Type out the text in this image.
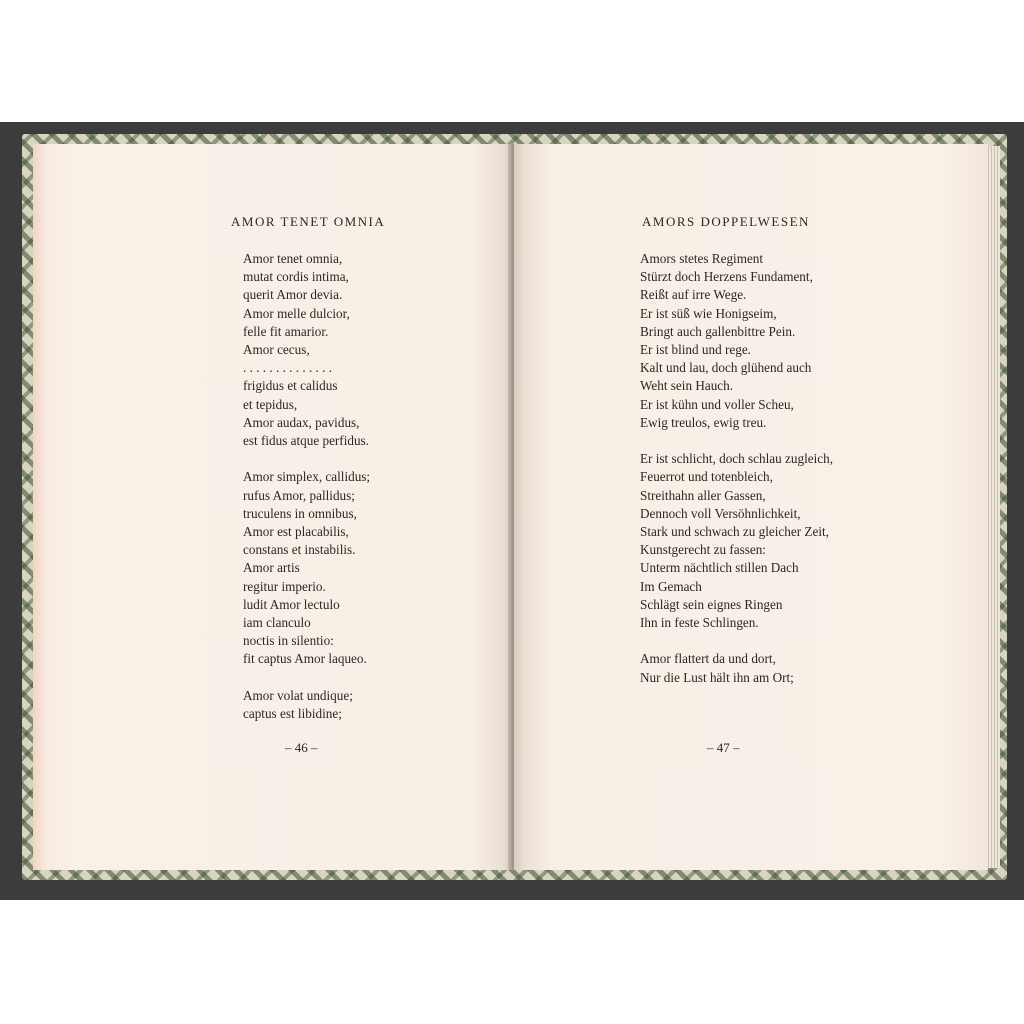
AMOR TENET OMNIA
Amor tenet omnia,
mutat cordis intima,
querit Amor devia.
Amor melle dulcior,
felle fit amarior.
Amor cecus,
. . . . . . . . . . . . . .
frigidus et calidus
et tepidus,
Amor audax, pavidus,
est fidus atque perfidus.
Amor simplex, callidus;
rufus Amor, pallidus;
truculens in omnibus,
Amor est placabilis,
constans et instabilis.
Amor artis
regitur imperio.
ludit Amor lectulo
iam clanculo
noctis in silentio:
fit captus Amor laqueo.
Amor volat undique;
captus est libidine;
– 46 –
AMORS DOPPELWESEN
Amors stetes Regiment
Stürzt doch Herzens Fundament,
Reißt auf irre Wege.
Er ist süß wie Honigseim,
Bringt auch gallenbittre Pein.
Er ist blind und rege.
Kalt und lau, doch glühend auch
Weht sein Hauch.
Er ist kühn und voller Scheu,
Ewig treulos, ewig treu.
Er ist schlicht, doch schlau zugleich,
Feuerrot und totenbleich,
Streithahn aller Gassen,
Dennoch voll Versöhnlichkeit,
Stark und schwach zu gleicher Zeit,
Kunstgerecht zu fassen:
Unterm nächtlich stillen Dach
Im Gemach
Schlägt sein eignes Ringen
Ihn in feste Schlingen.
Amor flattert da und dort,
Nur die Lust hält ihn am Ort;
– 47 –
